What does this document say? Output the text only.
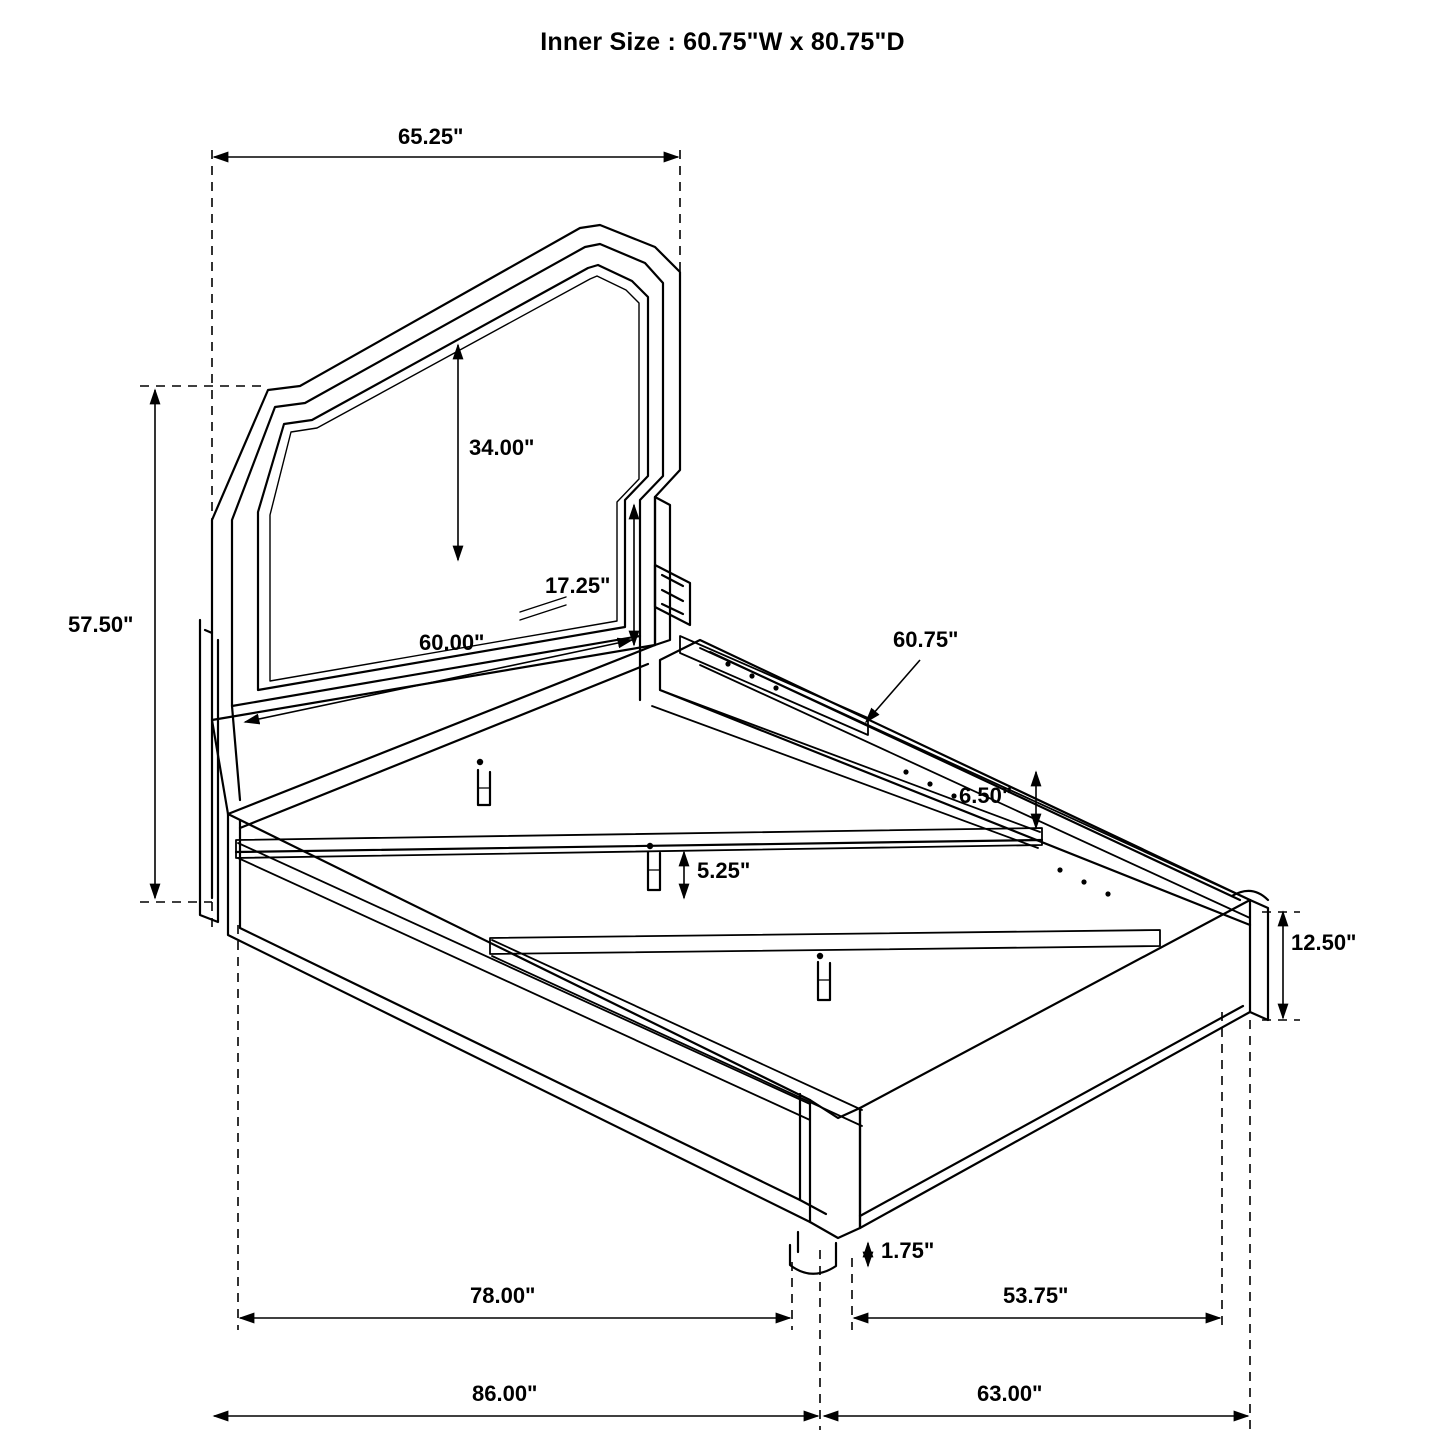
Inner Size : 60.75"W x 80.75"D
65.25"
34.00"
57.50"
17.25"
60.00"	60.75"
6.50"
5.25"
12.50"
1.75"
78.00"	53.75"
86.00"	63.00"
